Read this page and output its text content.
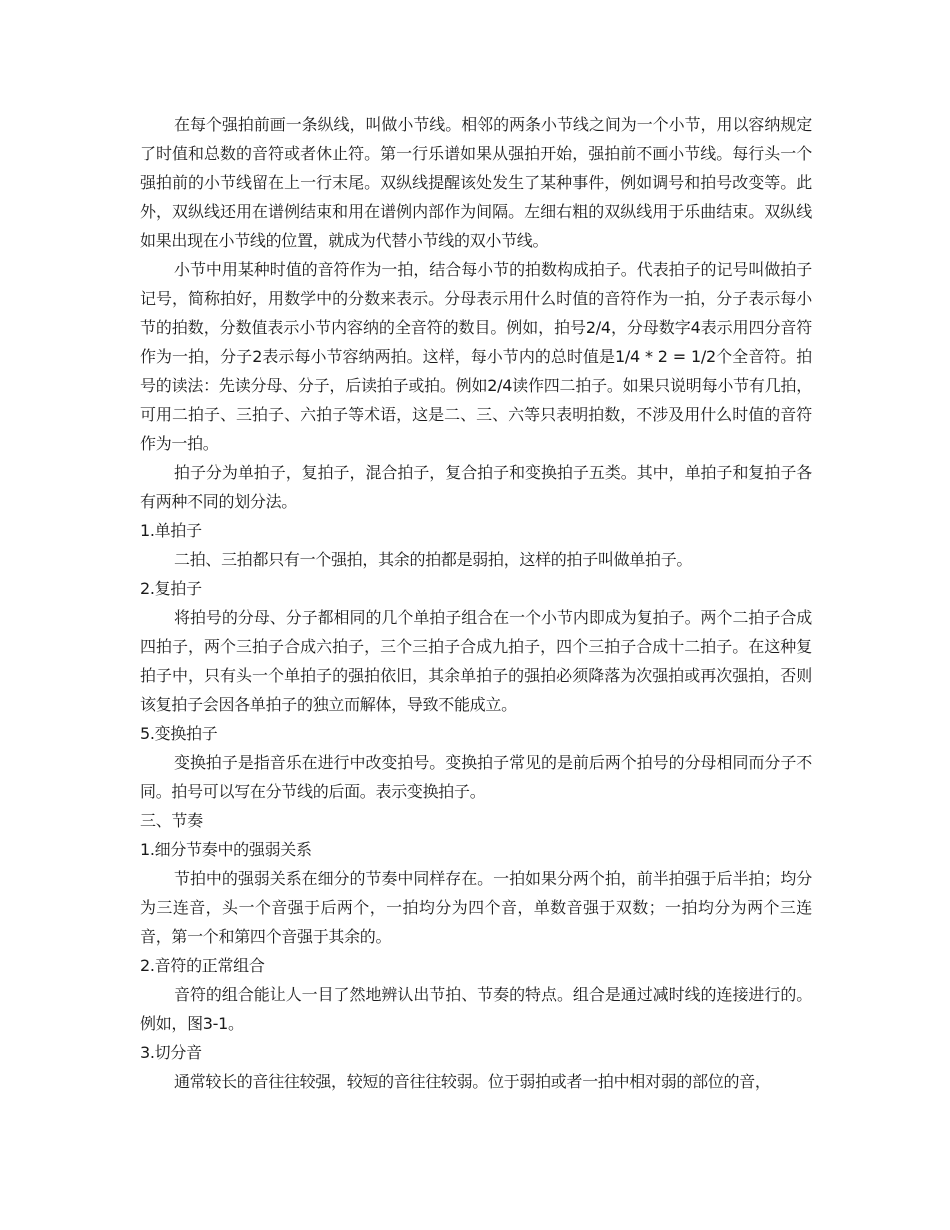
在每个强拍前画一条纵线，叫做小节线。相邻的两条小节线之间为一个小节，用以容纳规定了时值和总数的音符或者休止符。第一行乐谱如果从强拍开始，强拍前不画小节线。每行头一个强拍前的小节线留在上一行末尾。双纵线提醒该处发生了某种事件，例如调号和拍号改变等。此外，双纵线还用在谱例结束和用在谱例内部作为间隔。左细右粗的双纵线用于乐曲结束。双纵线如果出现在小节线的位置，就成为代替小节线的双小节线。

小节中用某种时值的音符作为一拍，结合每小节的拍数构成拍子。代表拍子的记号叫做拍子记号，简称拍好，用数学中的分数来表示。分母表示用什么时值的音符作为一拍，分子表示每小节的拍数，分数值表示小节内容纳的全音符的数目。例如，拍号2/4，分母数字4表示用四分音符作为一拍，分子2表示每小节容纳两拍。这样，每小节内的总时值是1/4 * 2 = 1/2个全音符。拍号的读法：先读分母、分子，后读拍子或拍。例如2/4读作四二拍子。如果只说明每小节有几拍，可用二拍子、三拍子、六拍子等术语，这是二、三、六等只表明拍数，不涉及用什么时值的音符作为一拍。

拍子分为单拍子，复拍子，混合拍子，复合拍子和变换拍子五类。其中，单拍子和复拍子各有两种不同的划分法。

1.单拍子

二拍、三拍都只有一个强拍，其余的拍都是弱拍，这样的拍子叫做单拍子。

2.复拍子

将拍号的分母、分子都相同的几个单拍子组合在一个小节内即成为复拍子。两个二拍子合成四拍子，两个三拍子合成六拍子，三个三拍子合成九拍子，四个三拍子合成十二拍子。在这种复拍子中，只有头一个单拍子的强拍依旧，其余单拍子的强拍必须降落为次强拍或再次强拍，否则该复拍子会因各单拍子的独立而解体，导致不能成立。

5.变换拍子

变换拍子是指音乐在进行中改变拍号。变换拍子常见的是前后两个拍号的分母相同而分子不同。拍号可以写在分节线的后面。表示变换拍子。

三、节奏

1.细分节奏中的强弱关系

节拍中的强弱关系在细分的节奏中同样存在。一拍如果分两个拍，前半拍强于后半拍；均分为三连音，头一个音强于后两个，一拍均分为四个音，单数音强于双数；一拍均分为两个三连音，第一个和第四个音强于其余的。

2.音符的正常组合

音符的组合能让人一目了然地辨认出节拍、节奏的特点。组合是通过减时线的连接进行的。例如，图3-1。

3.切分音

通常较长的音往往较强，较短的音往往较弱。位于弱拍或者一拍中相对弱的部位的音，
